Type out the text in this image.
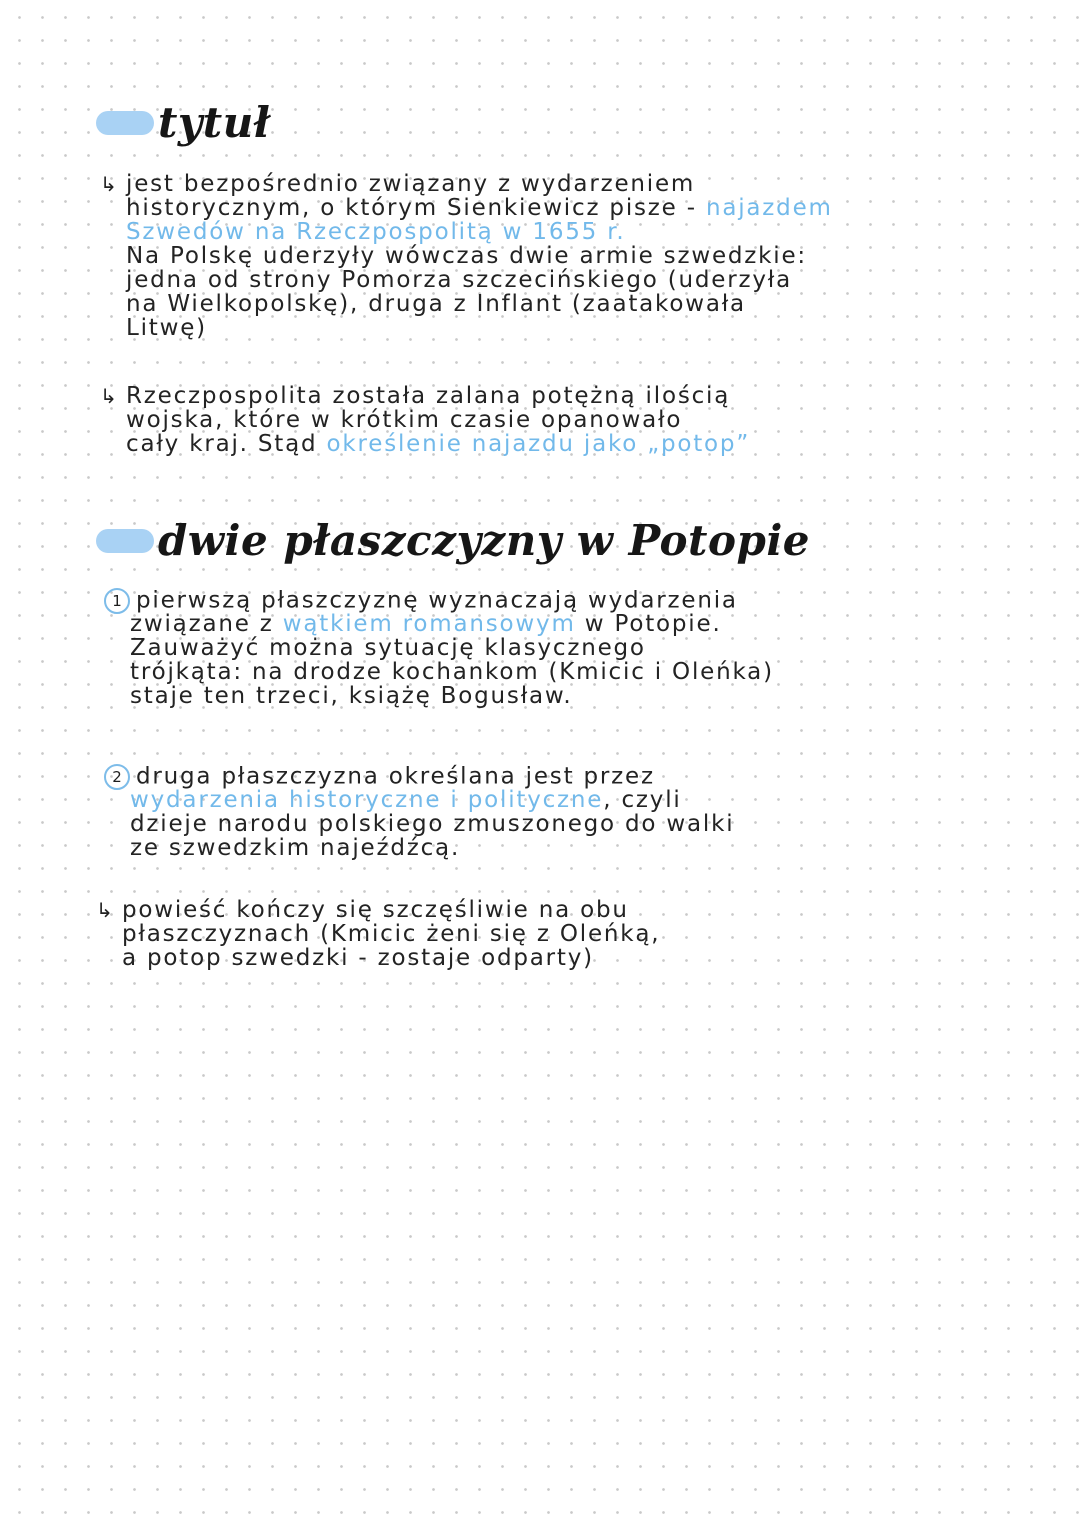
tytuł
↳ jest bezpośrednio związany z wydarzeniem
historycznym, o którym Sienkiewicz pisze - najazdem
Szwedów na Rzeczpospolitą w 1655 r.
Na Polskę uderzyły wówczas dwie armie szwedzkie:
jedna od strony Pomorza szczecińskiego (uderzyła
na Wielkopolskę), druga z Inflant (zaatakowała
Litwę)
↳ Rzeczpospolita została zalana potężną ilością
wojska, które w krótkim czasie opanowało
cały kraj. Stąd określenie najazdu jako „potop”
dwie płaszczyzny w Potopie
1 pierwszą płaszczyznę wyznaczają wydarzenia
związane z wątkiem romansowym w Potopie.
Zauważyć można sytuację klasycznego
trójkąta: na drodze kochankom (Kmicic i Oleńka)
staje ten trzeci, książę Bogusław.
2 druga płaszczyzna określana jest przez
wydarzenia historyczne i polityczne, czyli
dzieje narodu polskiego zmuszonego do walki
ze szwedzkim najeźdźcą.
↳ powieść kończy się szczęśliwie na obu
płaszczyznach (Kmicic żeni się z Oleńką,
a potop szwedzki - zostaje odparty)
